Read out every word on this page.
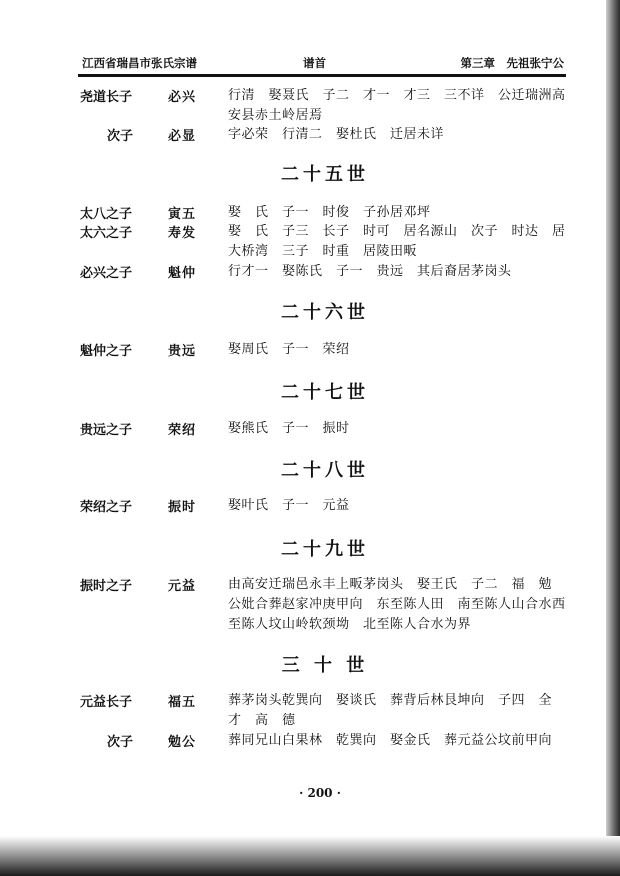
江西省瑞昌市张氏宗谱	谱首	第三章　先祖张宁公
尧道长子	必兴 行清　娶聂氏　子二　才一　才三　三不详　公迁瑞洲高安县赤土岭居焉
次子	必显 字必荣　行清二　娶杜氏　迁居未详
二十五世
太八之子	寅五 娶　氏　子一　时俊　子孙居邓坪
太六之子	寿发 娶　氏　子三　长子　时可　居名源山　次子　时达　居大桥湾　三子　时重　居陵田畈
必兴之子	魁仲 行才一　娶陈氏　子一　贵远　其后裔居茅岗头
二十六世
魁仲之子	贵远 娶周氏　子一　荣绍
二十七世
贵远之子	荣绍 娶熊氏　子一　振时
二十八世
荣绍之子	振时 娶叶氏　子一　元益
二十九世
振时之子	元益 由高安迁瑞邑永丰上畈茅岗头　娶王氏　子二　福　勉　公妣合葬赵家冲庚甲向　东至陈人田　南至陈人山合水西至陈人坟山岭软颈坳　北至陈人合水为界
三 十 世
元益长子	福五 葬茅岗头乾巽向　娶谈氏　葬背后林艮坤向　子四　全　才　高　德
次子	勉公 葬同兄山白果林　乾巽向　娶金氏　葬元益公坟前甲向
· 200 ·
